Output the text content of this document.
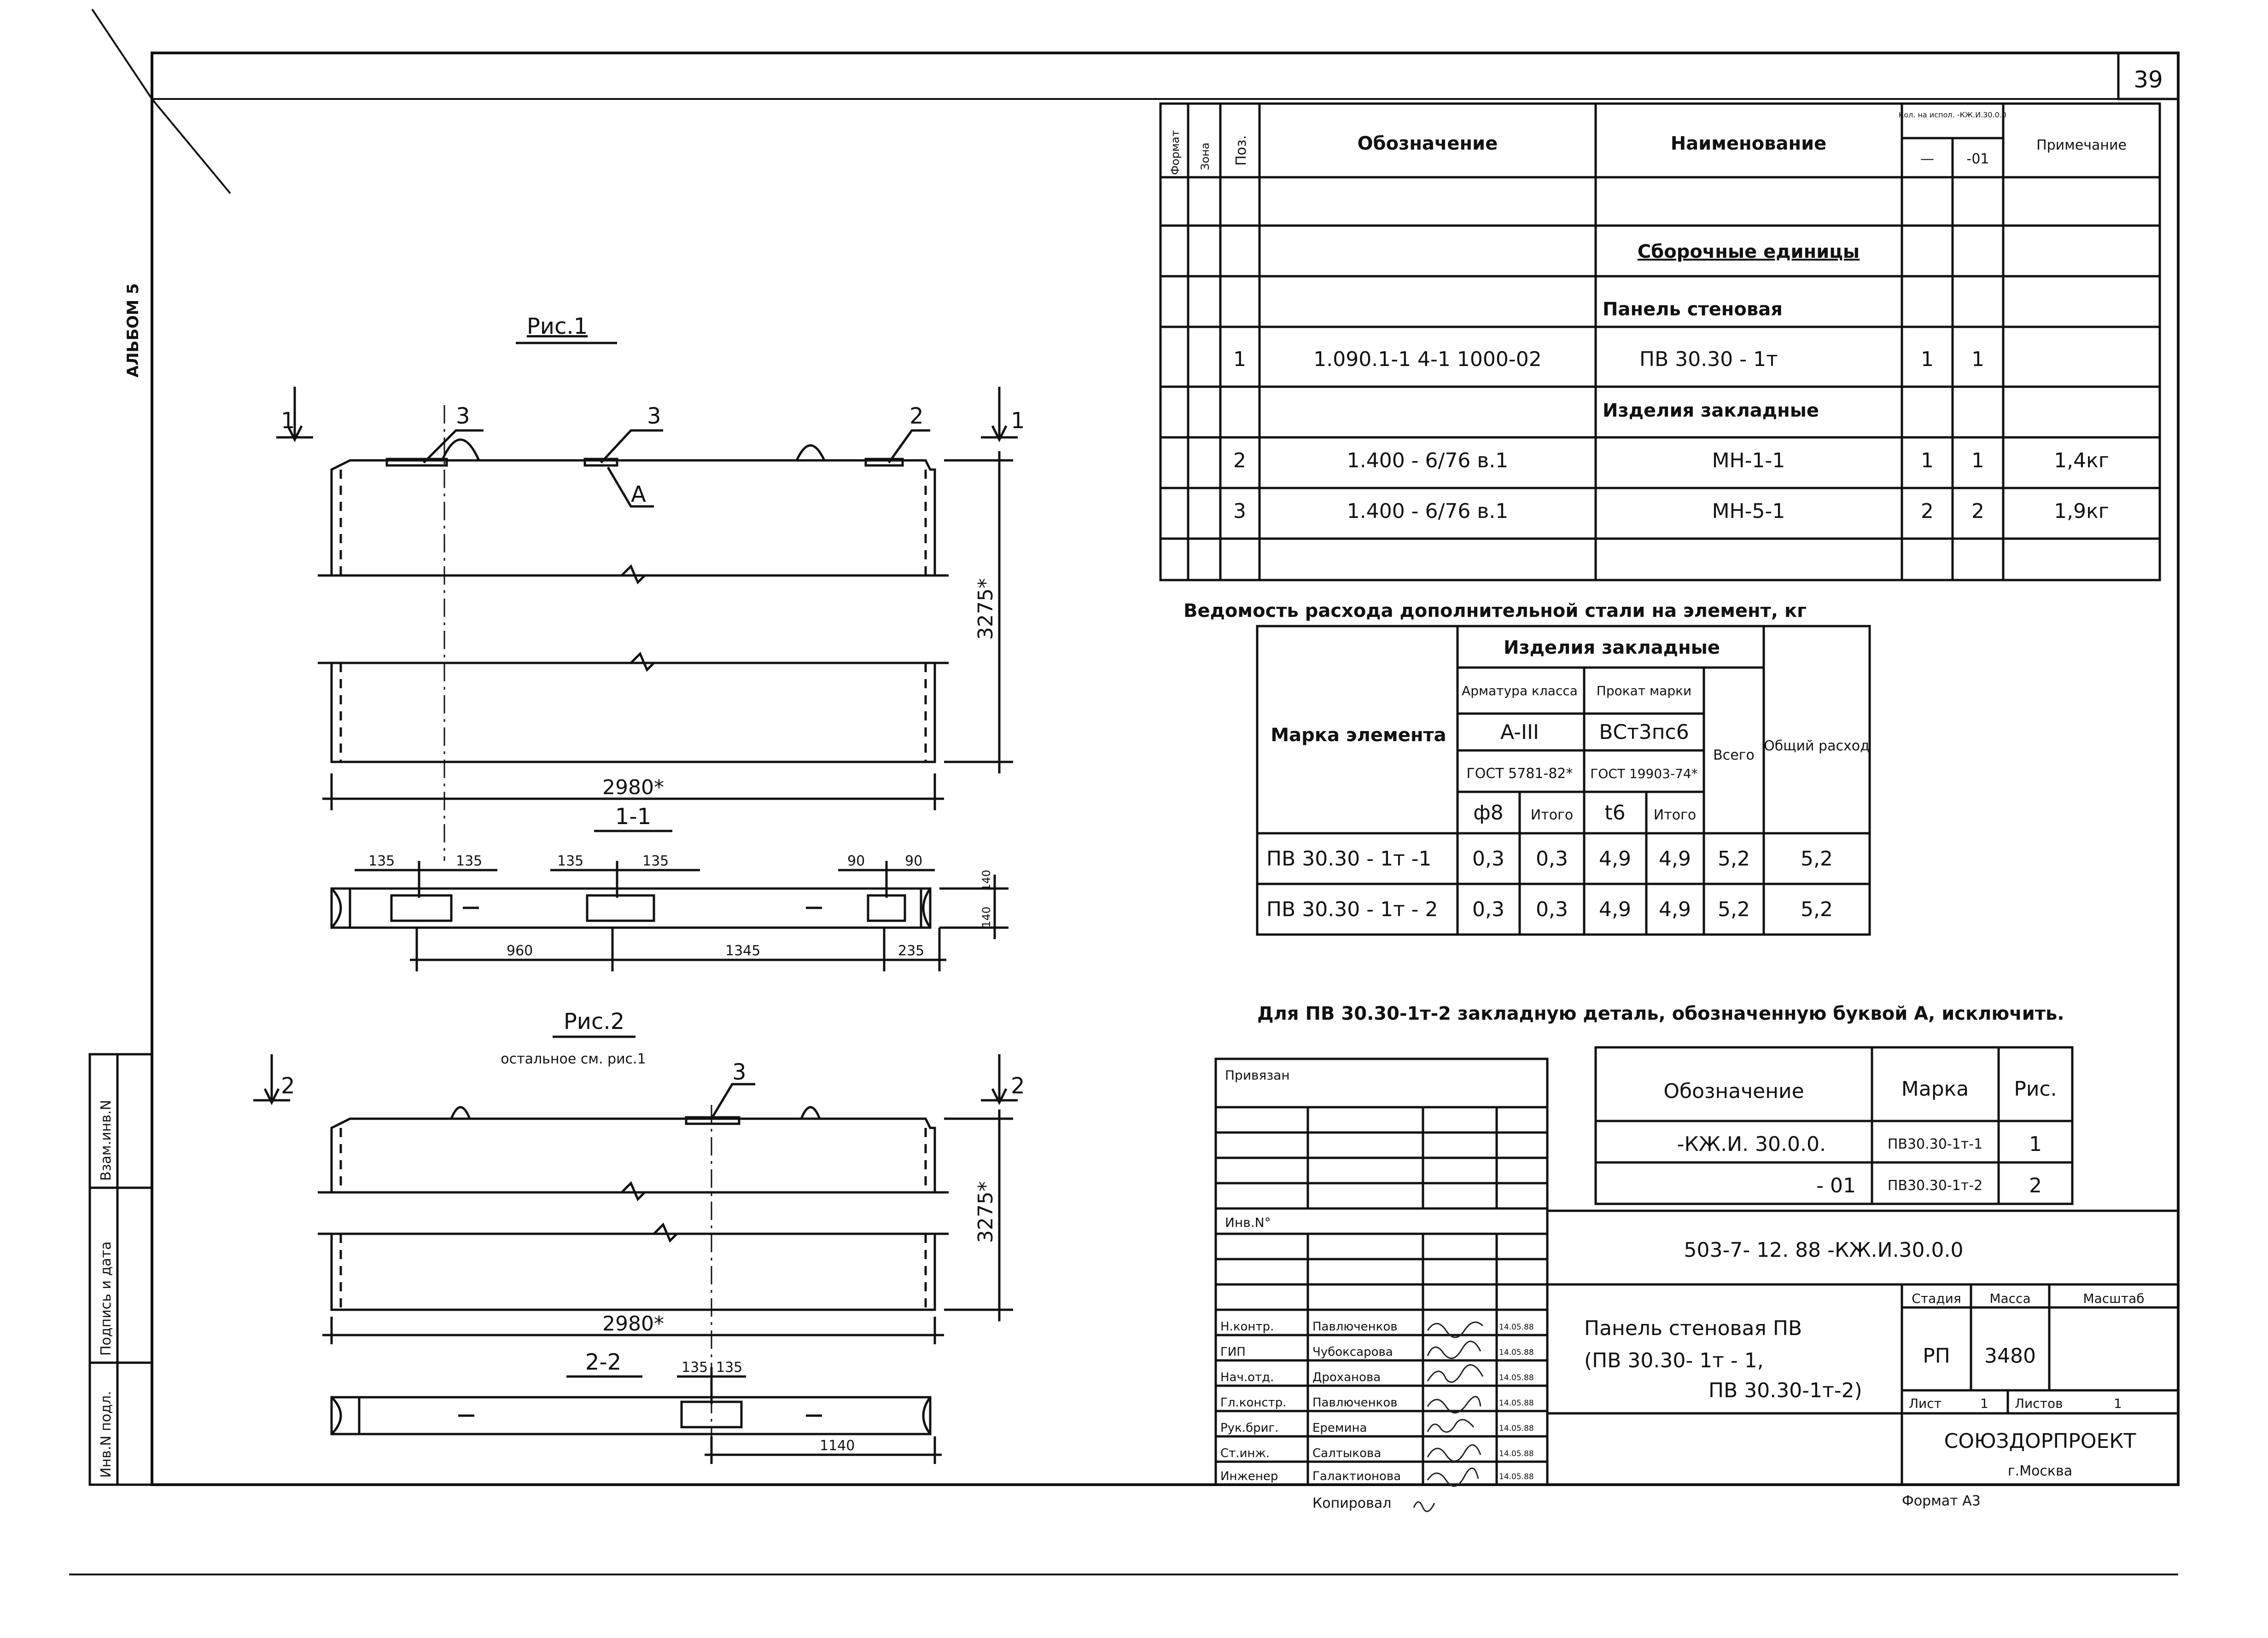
39
АЛЬБОМ 5
Инв.N подл.
Подпись и дата
Взам.инв.N
Рис.1
1	1
3	3	2
A
3275*
2980*
1-1
135	135	135	135	90	90
960	1345	235
140
140
Рис.2
остальное см. рис.1
2	2
3
3275*
2980*
2-2	135 135
1140
Формат Зона Поз.	Обозначение	Наименование
Кол. на испол. -КЖ.И.30.0.0
— -01
Примечание
Сборочные единицы
Панель стеновая
1	1.090.1-1 4-1 1000-02	ПВ 30.30 - 1т	1 1
Изделия закладные
2	1.400 - 6/76 в.1	МН-1-1	1 1	1,4кг
3	1.400 - 6/76 в.1	МН-5-1	2 2	1,9кг
Ведомость расхода дополнительной стали на элемент, кг
Изделия закладные
Арматура класса Прокат марки
A-III	ВСт3пс6
ГОСТ 5781-82* ГОСТ 19903-74*
Марка элемента
ф8 Итого t6 Итого
Всего
Общий расход
ПВ 30.30 - 1т -1 0,3 0,3 4,9 4,9 5,2	5,2
ПВ 30.30 - 1т - 2 0,3 0,3 4,9 4,9 5,2	5,2
Для ПВ 30.30-1т-2 закладную деталь, обозначенную буквой А, исключить.
Обозначение	Марка Рис.
-КЖ.И. 30.0.0.	ПВ30.30-1т-1 1
- 01 ПВ30.30-1т-2 2
Привязан
Инв.N°
503-7- 12. 88 -КЖ.И.30.0.0
Панель стеновая ПВ
(ПВ 30.30- 1т - 1,
ПВ 30.30-1т-2)
Стадия Масса	Масштаб
РП 3480
Лист	1 Листов	1
СОЮЗДОРПРОЕКТ
г.Москва
Формат А3
Копировал
Н.контр.	Павлюченков	14.05.88
ГИП	Чубоксарова	14.05.88
Нач.отд.	Дроханова	14.05.88
Гл.констр. Павлюченков	14.05.88
Рук.бриг.	Еремина	14.05.88
Ст.инж.	Салтыкова	14.05.88
Инженер	Галактионова	14.05.88
